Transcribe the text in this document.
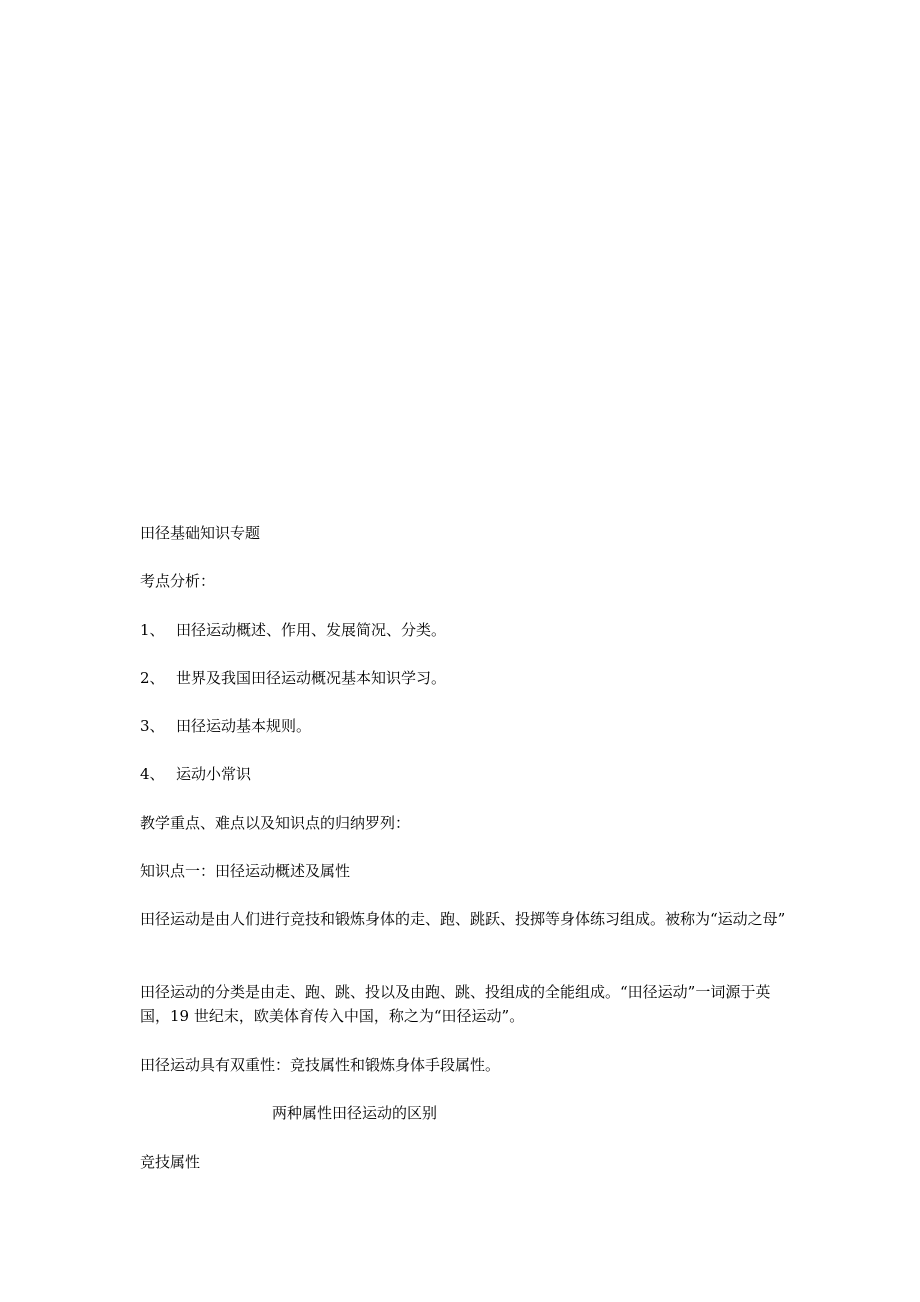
田径基础知识专题
考点分析：
1、 田径运动概述、作用、发展简况、分类。
2、 世界及我国田径运动概况基本知识学习。
3、 田径运动基本规则。
4、 运动小常识
教学重点、难点以及知识点的归纳罗列：
知识点一：田径运动概述及属性
田径运动是由人们进行竞技和锻炼身体的走、跑、跳跃、投掷等身体练习组成。被称为“运动之母”
田径运动的分类是由走、跑、跳、投以及由跑、跳、投组成的全能组成。“田径运动”一词源于英国，19 世纪末，欧美体育传入中国，称之为“田径运动”。
田径运动具有双重性：竞技属性和锻炼身体手段属性。
两种属性田径运动的区别
竞技属性
